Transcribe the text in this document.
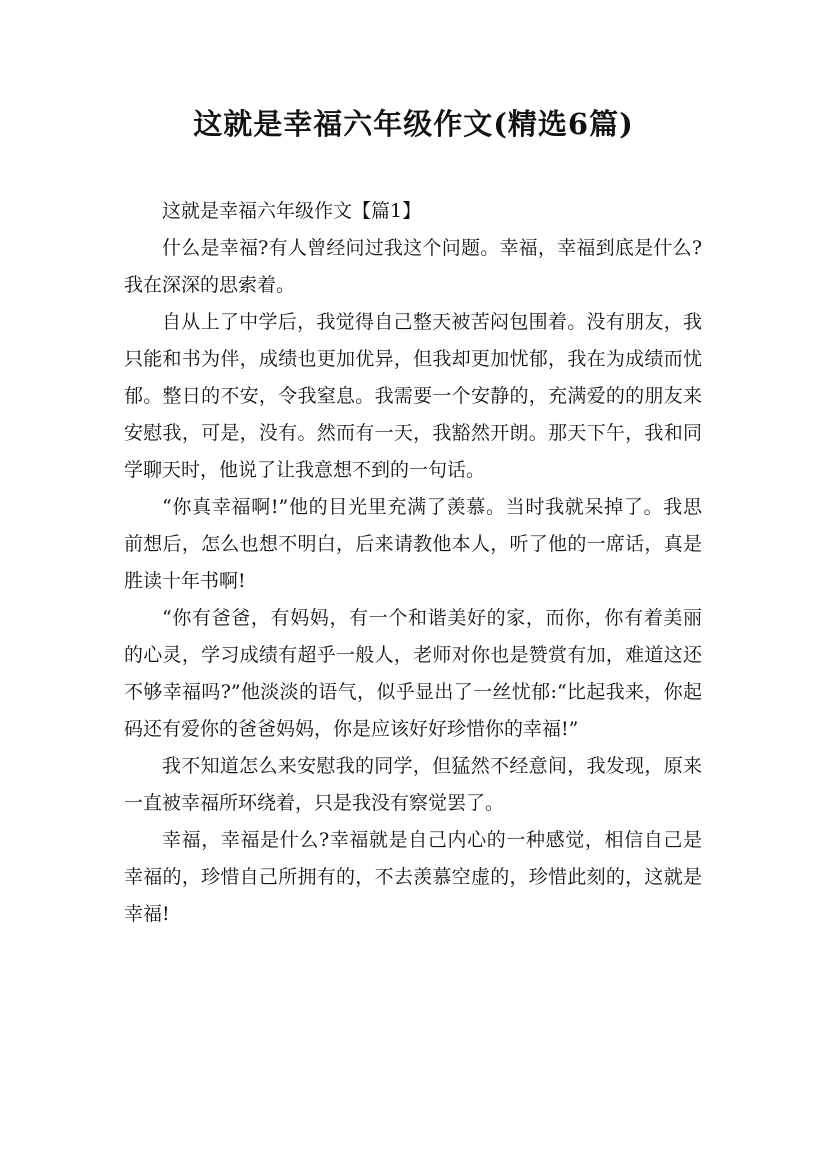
这就是幸福六年级作文(精选6篇)

这就是幸福六年级作文【篇1】

什么是幸福?有人曾经问过我这个问题。幸福，幸福到底是什么?我在深深的思索着。

自从上了中学后，我觉得自己整天被苦闷包围着。没有朋友，我只能和书为伴，成绩也更加优异，但我却更加忧郁，我在为成绩而忧郁。整日的不安，令我窒息。我需要一个安静的，充满爱的的朋友来安慰我，可是，没有。然而有一天，我豁然开朗。那天下午，我和同学聊天时，他说了让我意想不到的一句话。

“你真幸福啊!”他的目光里充满了羡慕。当时我就呆掉了。我思前想后，怎么也想不明白，后来请教他本人，听了他的一席话，真是胜读十年书啊!

“你有爸爸，有妈妈，有一个和谐美好的家，而你，你有着美丽的心灵，学习成绩有超乎一般人，老师对你也是赞赏有加，难道这还不够幸福吗?”他淡淡的语气，似乎显出了一丝忧郁:“比起我来，你起码还有爱你的爸爸妈妈，你是应该好好珍惜你的幸福!”

我不知道怎么来安慰我的同学，但猛然不经意间，我发现，原来一直被幸福所环绕着，只是我没有察觉罢了。

幸福，幸福是什么?幸福就是自己内心的一种感觉，相信自己是幸福的，珍惜自己所拥有的，不去羡慕空虚的，珍惜此刻的，这就是幸福!
